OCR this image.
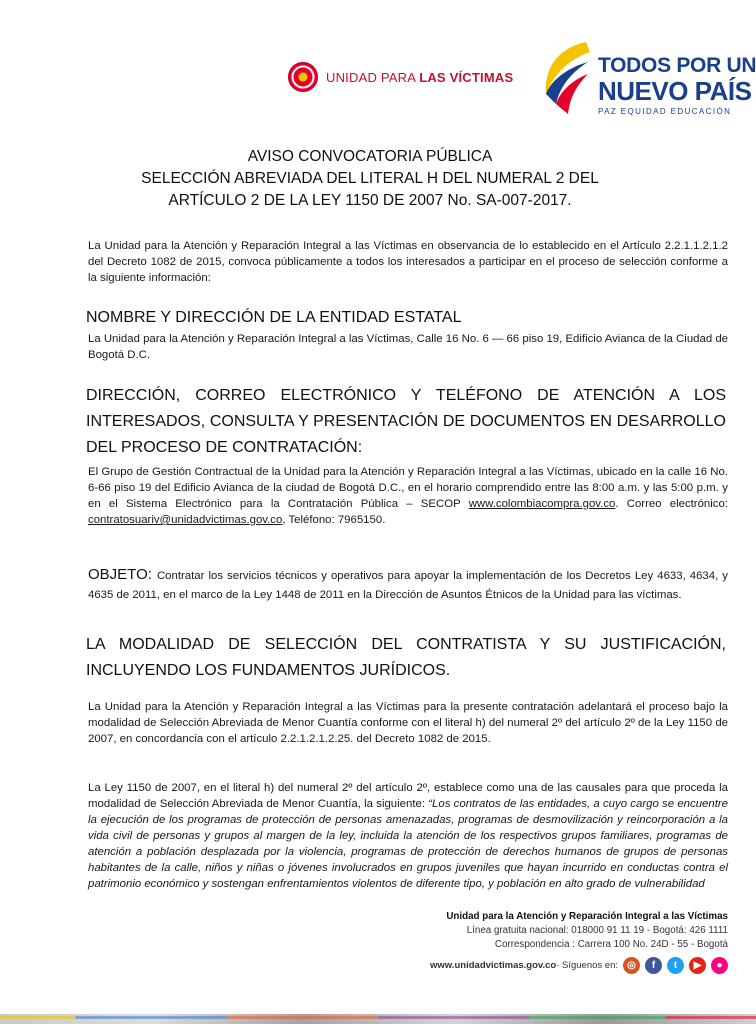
UNIDAD PARA LAS VÍCTIMAS	TODOS POR UN
NUEVO PAÍS
PAZ EQUIDAD EDUCACIÓN
AVISO CONVOCATORIA PÚBLICA
SELECCIÓN ABREVIADA DEL LITERAL H DEL NUMERAL 2 DEL
ARTÍCULO 2 DE LA LEY 1150 DE 2007 No. SA-007-2017.
La Unidad para la Atención y Reparación Integral a las Víctimas en observancia de lo establecido en el Artículo 2.2.1.1.2.1.2 del Decreto 1082 de 2015, convoca públicamente a todos los interesados a participar en el proceso de selección conforme a la siguiente información:
NOMBRE Y DIRECCIÓN DE LA ENTIDAD ESTATAL
La Unidad para la Atención y Reparación Integral a las Víctimas, Calle 16 No. 6 — 66 piso 19, Edificio Avianca de la Ciudad de Bogotá D.C.
DIRECCIÓN, CORREO ELECTRÓNICO Y TELÉFONO DE ATENCIÓN A LOS INTERESADOS, CONSULTA Y PRESENTACIÓN DE DOCUMENTOS EN DESARROLLO DEL PROCESO DE CONTRATACIÓN:
El Grupo de Gestión Contractual de la Unidad para la Atención y Reparación Integral a las Víctimas, ubicado en la calle 16 No. 6-66 piso 19 del Edificio Avianca de la ciudad de Bogotá D.C., en el horario comprendido entre las 8:00 a.m. y las 5:00 p.m. y en el Sistema Electrónico para la Contratación Pública – SECOP www.colombiacompra.gov.co. Correo electrónico: contratosuariv@unidadvictimas.gov.co, Teléfono: 7965150.
OBJETO: Contratar los servicios técnicos y operativos para apoyar la implementación de los Decretos Ley 4633, 4634, y 4635 de 2011, en el marco de la Ley 1448 de 2011 en la Dirección de Asuntos Étnicos de la Unidad para las víctimas.
LA MODALIDAD DE SELECCIÓN DEL CONTRATISTA Y SU JUSTIFICACIÓN, INCLUYENDO LOS FUNDAMENTOS JURÍDICOS.
La Unidad para la Atención y Reparación Integral a las Víctimas para la presente contratación adelantará el proceso bajo la modalidad de Selección Abreviada de Menor Cuantía conforme con el literal h) del numeral 2º del artículo 2º de la Ley 1150 de 2007, en concordancia con el artículo 2.2.1.2.1.2.25. del Decreto 1082 de 2015.
La Ley 1150 de 2007, en el literal h) del numeral 2º del artículo 2º, establece como una de las causales para que proceda la modalidad de Selección Abreviada de Menor Cuantía, la siguiente: “Los contratos de las entidades, a cuyo cargo se encuentre la ejecución de los programas de protección de personas amenazadas, programas de desmovilización y reincorporación a la vida civil de personas y grupos al margen de la ley, incluida la atención de los respectivos grupos familiares, programas de atención a población desplazada por la violencia, programas de protección de derechos humanos de grupos de personas habitantes de la calle, niños y niñas o jóvenes involucrados en grupos juveniles que hayan incurrido en conductas contra el patrimonio económico y sostengan enfrentamientos violentos de diferente tipo, y población en alto grado de vulnerabilidad
Unidad para la Atención y Reparación Integral a las Víctimas
Línea gratuita nacional: 018000 91 11 19 - Bogotá: 426 1111
Correspondencia : Carrera 100 No. 24D - 55 - Bogotá
www.unidadvictimas.gov.co · Síguenos en: ◎	f	t	▶	●
